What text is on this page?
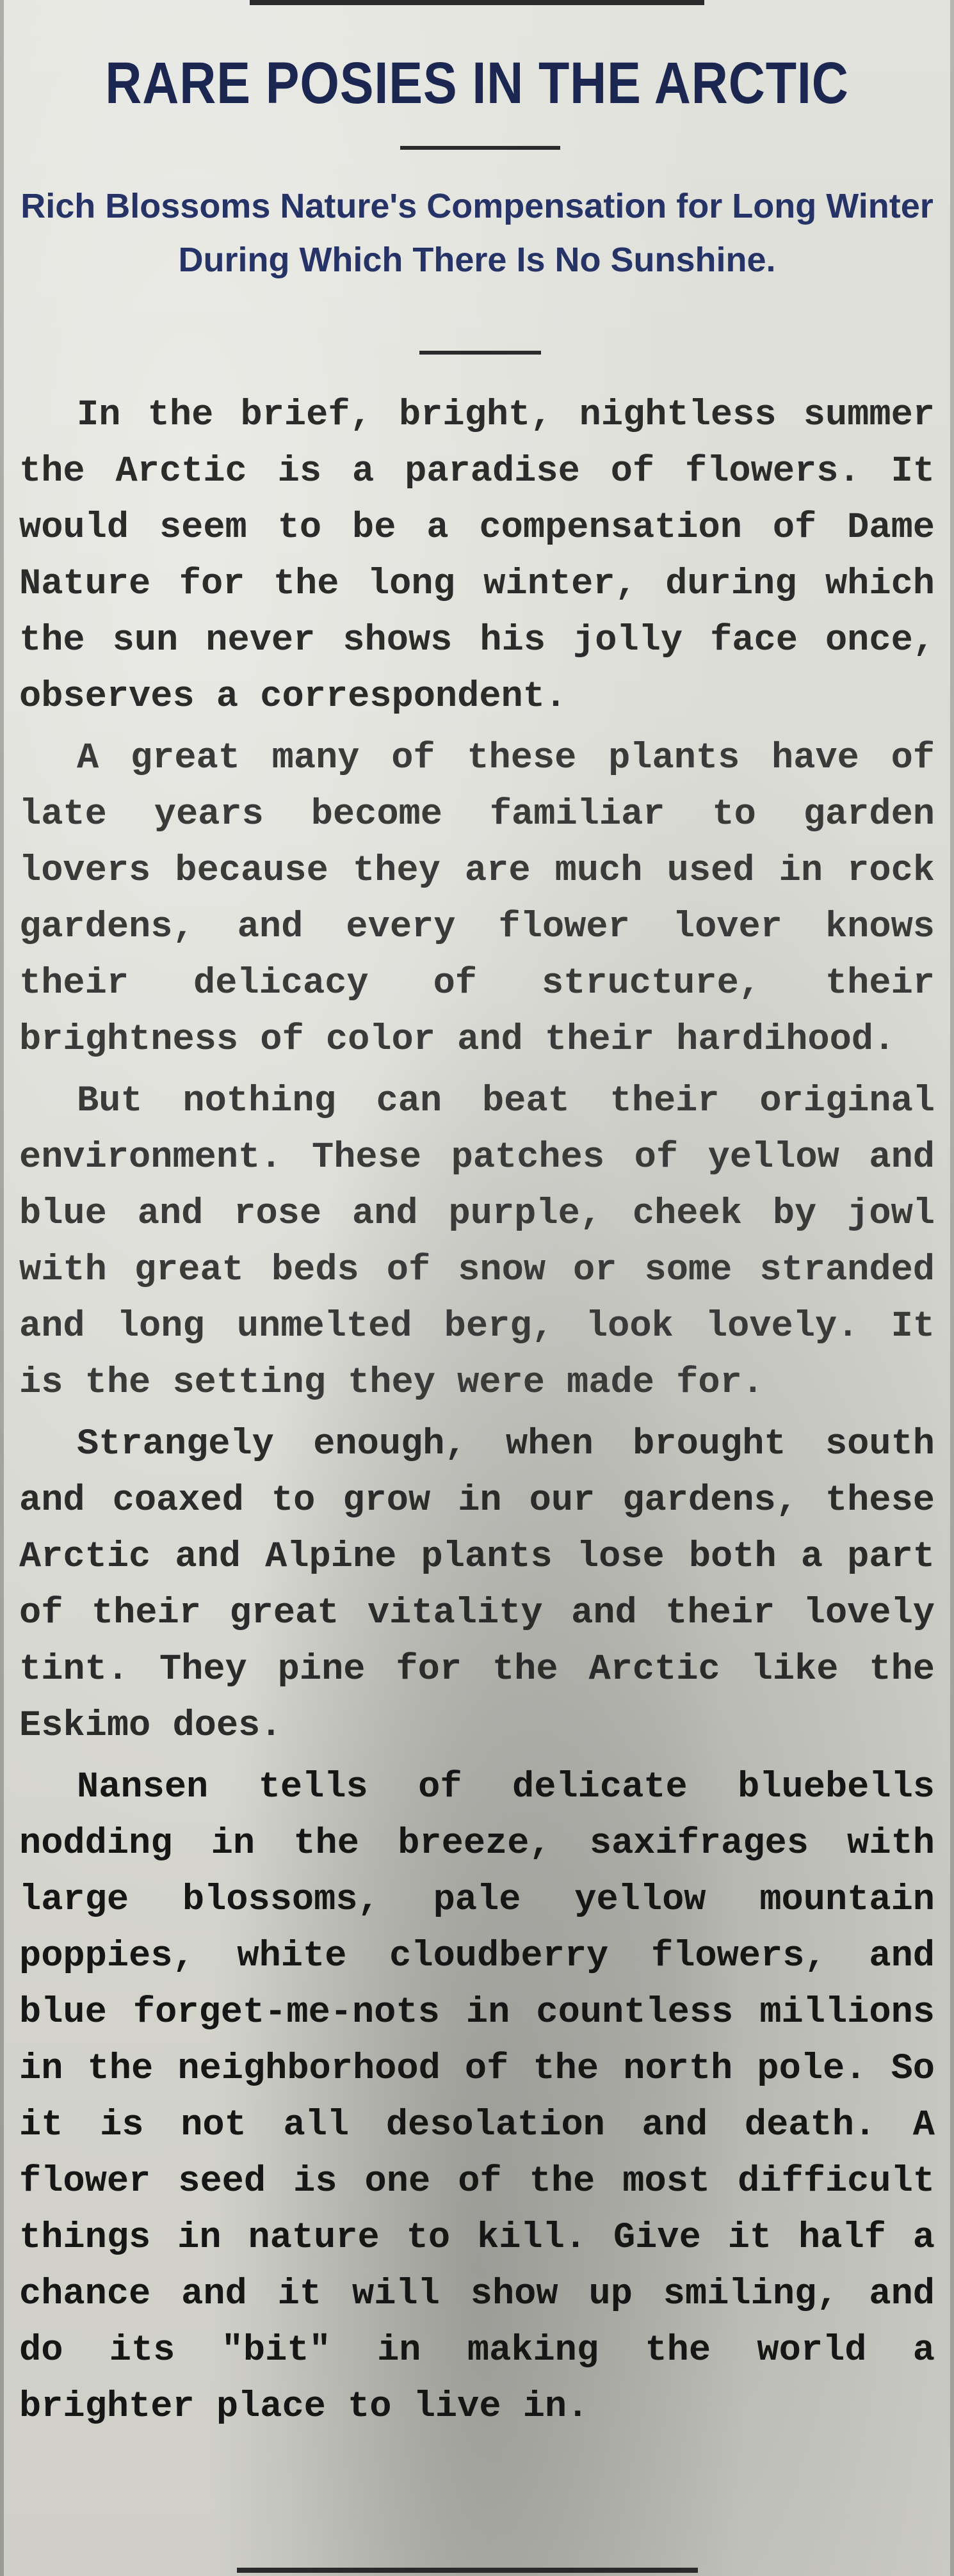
RARE POSIES IN THE ARCTIC
Rich Blossoms Nature's Compensation for Long Winter During Which There Is No Sunshine.

In the brief, bright, nightless summer the Arctic is a paradise of flowers. It would seem to be a compensation of Dame Nature for the long winter, during which the sun never shows his jolly face once, observes a correspondent.

A great many of these plants have of late years become familiar to garden lovers because they are much used in rock gardens, and every flower lover knows their delicacy of structure, their brightness of color and their hardihood.

But nothing can beat their original environment. These patches of yellow and blue and rose and purple, cheek by jowl with great beds of snow or some stranded and long unmelted berg, look lovely. It is the setting they were made for.

Strangely enough, when brought south and coaxed to grow in our gardens, these Arctic and Alpine plants lose both a part of their great vitality and their lovely tint. They pine for the Arctic like the Eskimo does.

Nansen tells of delicate bluebells nodding in the breeze, saxifrages with large blossoms, pale yellow mountain poppies, white cloudberry flowers, and blue forget-me-nots in countless millions in the neighborhood of the north pole. So it is not all desolation and death. A flower seed is one of the most difficult things in nature to kill. Give it half a chance and it will show up smiling, and do its "bit" in making the world a brighter place to live in.
